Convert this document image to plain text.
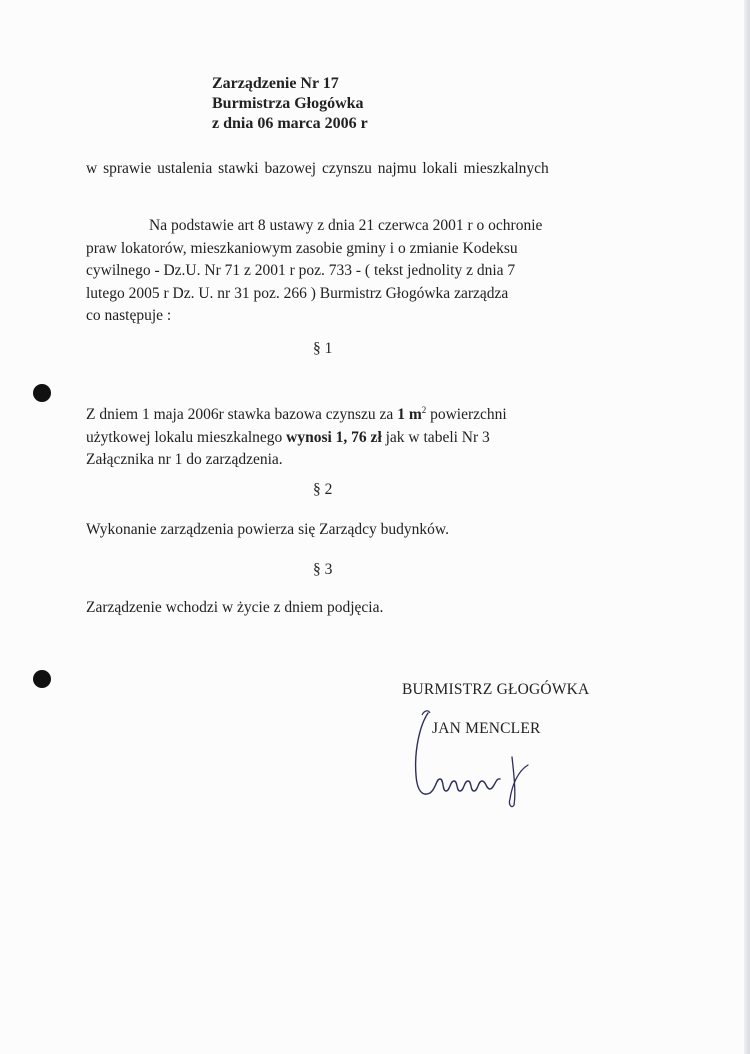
Zarządzenie Nr 17
Burmistrza Głogówka
z dnia 06 marca 2006 r
w sprawie ustalenia stawki bazowej czynszu najmu lokali mieszkalnych
Na podstawie art 8 ustawy z dnia 21 czerwca 2001 r o ochronie
praw lokatorów, mieszkaniowym zasobie gminy i o zmianie Kodeksu
cywilnego - Dz.U. Nr 71 z 2001 r poz. 733 - ( tekst jednolity z dnia 7
lutego 2005 r Dz. U. nr 31 poz. 266 ) Burmistrz Głogówka zarządza
co następuje :
§ 1
Z dniem 1 maja 2006r stawka bazowa czynszu za 1 $m^2$ powierzchni
użytkowej lokalu mieszkalnego wynosi 1, 76 zł jak w tabeli Nr 3
Załącznika nr 1 do zarządzenia.
§ 2
Wykonanie zarządzenia powierza się Zarządcy budynków.
§ 3
Zarządzenie wchodzi w życie z dniem podjęcia.
BURMISTRZ GŁOGÓWKA
JAN MENCLER
